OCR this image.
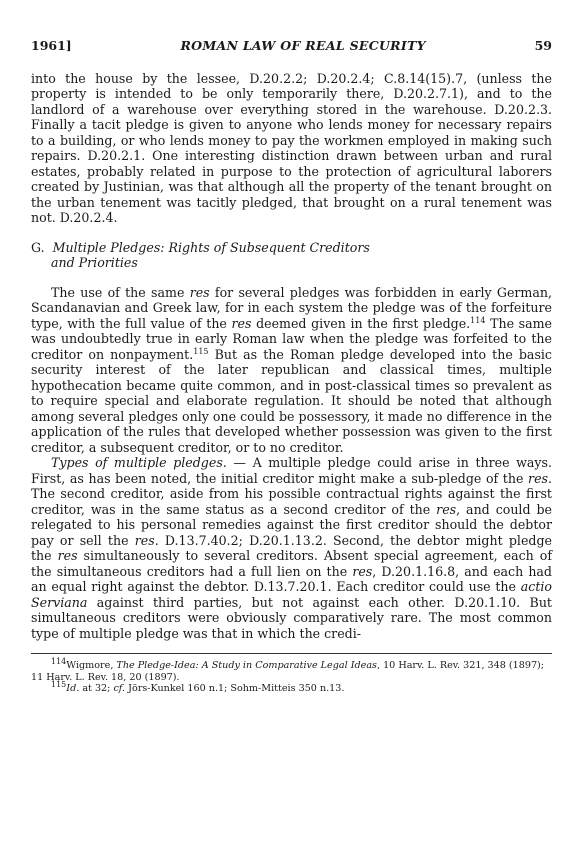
1961]	ROMAN LAW OF REAL SECURITY	59

into the house by the lessee, D.20.2.2; D.20.2.4; C.8.14(15).7, (unless the property is intended to be only temporarily there, D.20.2.7.1), and to the landlord of a warehouse over everything stored in the warehouse. D.20.2.3. Finally a tacit pledge is given to anyone who lends money for necessary repairs to a building, or who lends money to pay the workmen employed in making such repairs. D.20.2.1. One interesting distinction drawn between urban and rural estates, probably related in purpose to the protection of agricultural laborers created by Justinian, was that although all the property of the tenant brought on the urban tenement was tacitly pledged, that brought on a rural tenement was not. D.20.2.4.

G. Multiple Pledges: Rights of Subsequent Creditors
and Priorities

The use of the same res for several pledges was forbidden in early German, Scandanavian and Greek law, for in each system the pledge was of the forfeiture type, with the full value of the res deemed given in the first pledge.$^{114}$ The same was undoubtedly true in early Roman law when the pledge was forfeited to the creditor on nonpayment.$^{115}$ But as the Roman pledge developed into the basic security interest of the later republican and classical times, multiple hypothecation became quite common, and in post-classical times so prevalent as to require special and elaborate regulation. It should be noted that although among several pledges only one could be possessory, it made no difference in the application of the rules that developed whether possession was given to the first creditor, a subsequent creditor, or to no creditor.

Types of multiple pledges. — A multiple pledge could arise in three ways. First, as has been noted, the initial creditor might make a sub-pledge of the res. The second creditor, aside from his possible contractual rights against the first creditor, was in the same status as a second creditor of the res, and could be relegated to his personal remedies against the first creditor should the debtor pay or sell the res. D.13.7.40.2; D.20.1.13.2. Second, the debtor might pledge the res simultaneously to several creditors. Absent special agreement, each of the simultaneous creditors had a full lien on the res, D.20.1.16.8, and each had an equal right against the debtor. D.13.7.20.1. Each creditor could use the actio Serviana against third parties, but not against each other. D.20.1.10. But simultaneous creditors were obviously comparatively rare. The most common type of multiple pledge was that in which the credi-

$^{114}$Wigmore, The Pledge-Idea: A Study in Comparative Legal Ideas, 10 Harv. L. Rev. 321, 348 (1897); 11 Harv. L. Rev. 18, 20 (1897).

$^{115}$Id. at 32; cf. Jörs-Kunkel 160 n.1; Sohm-Mitteis 350 n.13.
